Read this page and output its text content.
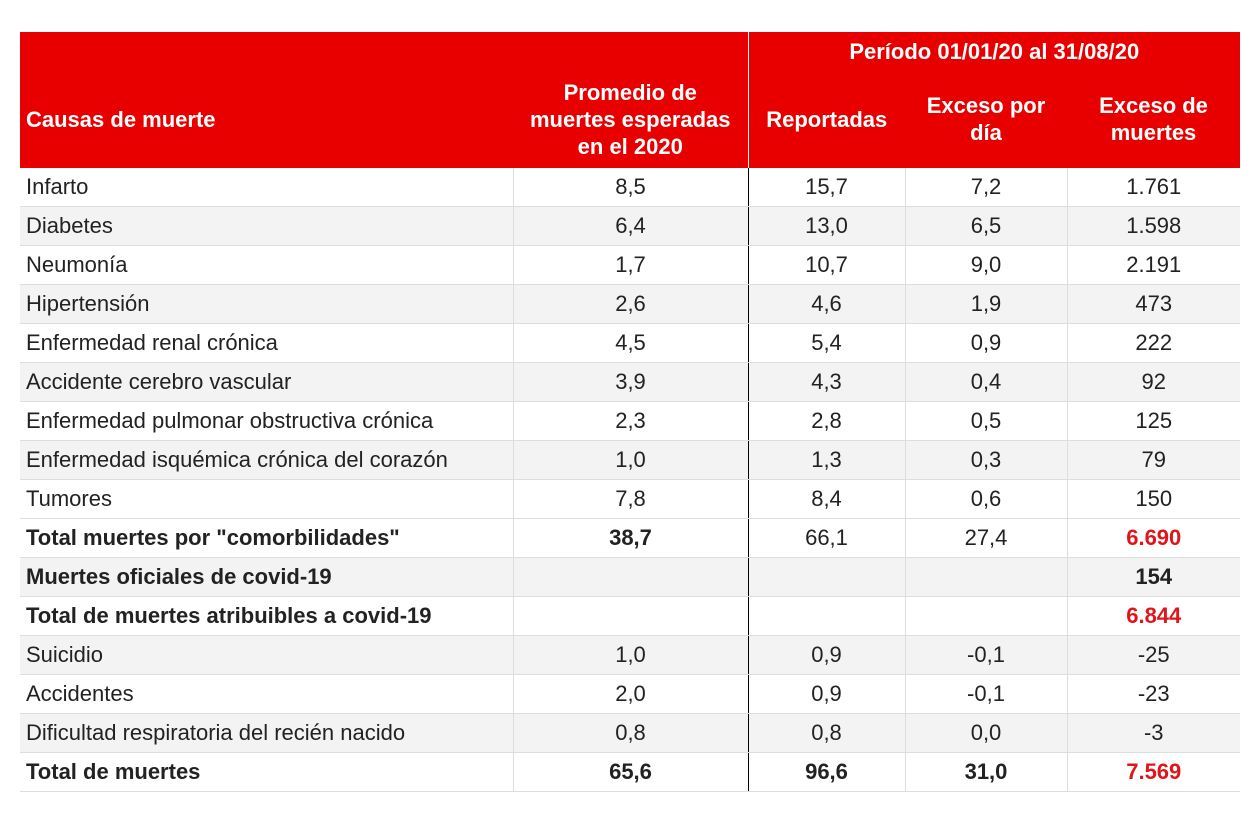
		Período 01/01/20 al 31/08/20		
Causas de muerte	Promedio de muertes esperadas en el 2020	Reportadas	Exceso por día	Exceso de muertes
Infarto	8,5	15,7	7,2	1.761
Diabetes	6,4	13,0	6,5	1.598
Neumonía	1,7	10,7	9,0	2.191
Hipertensión	2,6	4,6	1,9	473
Enfermedad renal crónica	4,5	5,4	0,9	222
Accidente cerebro vascular	3,9	4,3	0,4	92
Enfermedad pulmonar obstructiva crónica	2,3	2,8	0,5	125
Enfermedad isquémica crónica del corazón	1,0	1,3	0,3	79
Tumores	7,8	8,4	0,6	150
Total muertes por "comorbilidades"	38,7	66,1	27,4	6.690
Muertes oficiales de covid-19				154
Total de muertes atribuibles a covid-19				6.844
Suicidio	1,0	0,9	-0,1	-25
Accidentes	2,0	0,9	-0,1	-23
Dificultad respiratoria del recién nacido	0,8	0,8	0,0	-3
Total de muertes	65,6	96,6	31,0	7.569
